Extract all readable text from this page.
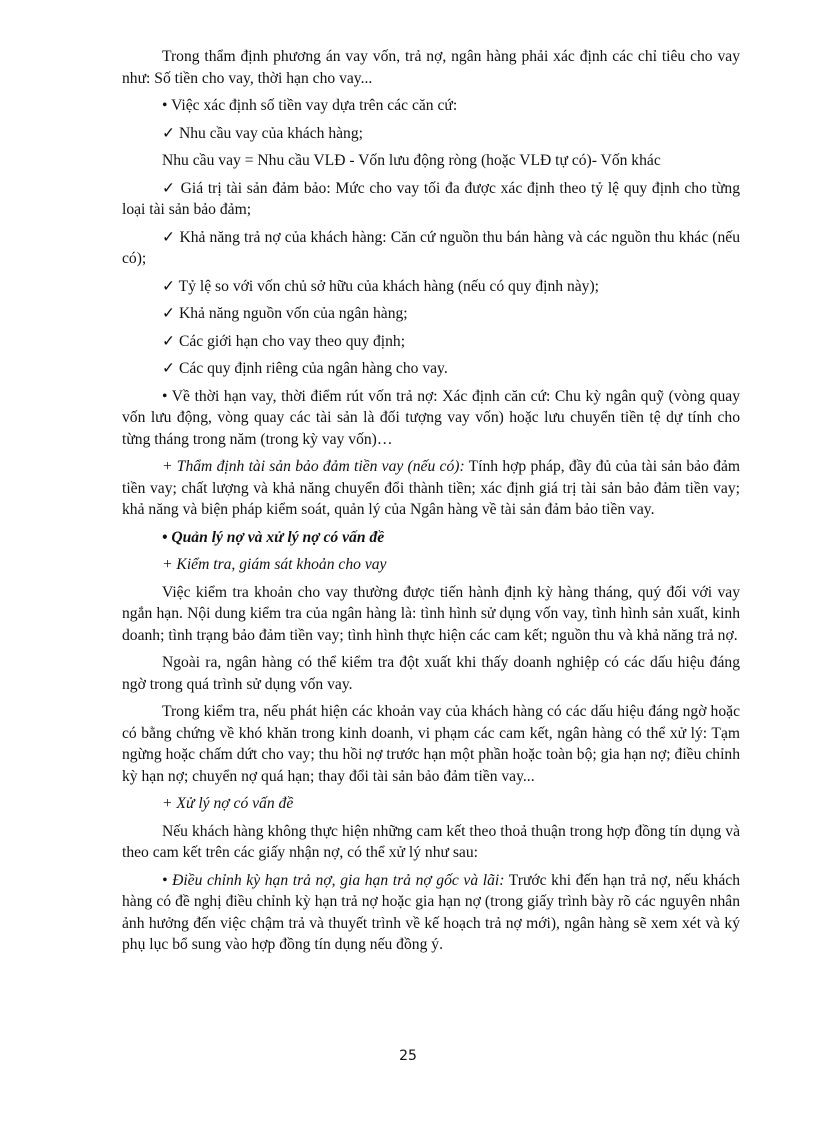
Trong thẩm định phương án vay vốn, trả nợ, ngân hàng phải xác định các chỉ tiêu cho vay như: Số tiền cho vay, thời hạn cho vay...

• Việc xác định số tiền vay dựa trên các căn cứ:

✓ Nhu cầu vay của khách hàng;

Nhu cầu vay = Nhu cầu VLĐ - Vốn lưu động ròng (hoặc VLĐ tự có)- Vốn khác

✓ Giá trị tài sản đảm bảo: Mức cho vay tối đa được xác định theo tỷ lệ quy định cho từng loại tài sản bảo đảm;

✓ Khả năng trả nợ của khách hàng: Căn cứ nguồn thu bán hàng và các nguồn thu khác (nếu có);

✓ Tỷ lệ so với vốn chủ sở hữu của khách hàng (nếu có quy định này);

✓ Khả năng nguồn vốn của ngân hàng;

✓ Các giới hạn cho vay theo quy định;

✓ Các quy định riêng của ngân hàng cho vay.

• Về thời hạn vay, thời điểm rút vốn trả nợ: Xác định căn cứ: Chu kỳ ngân quỹ (vòng quay vốn lưu động, vòng quay các tài sản là đối tượng vay vốn) hoặc lưu chuyển tiền tệ dự tính cho từng tháng trong năm (trong kỳ vay vốn)…

+ Thẩm định tài sản bảo đảm tiền vay (nếu có): Tính hợp pháp, đầy đủ của tài sản bảo đảm tiền vay; chất lượng và khả năng chuyển đổi thành tiền; xác định giá trị tài sản bảo đảm tiền vay; khả năng và biện pháp kiểm soát, quản lý của Ngân hàng về tài sản đảm bảo tiền vay.

• Quản lý nợ và xử lý nợ có vấn đề

+ Kiểm tra, giám sát khoản cho vay

Việc kiểm tra khoản cho vay thường được tiến hành định kỳ hàng tháng, quý đối với vay ngắn hạn. Nội dung kiểm tra của ngân hàng là: tình hình sử dụng vốn vay, tình hình sản xuất, kinh doanh; tình trạng bảo đảm tiền vay; tình hình thực hiện các cam kết; nguồn thu và khả năng trả nợ.

Ngoài ra, ngân hàng có thể kiểm tra đột xuất khi thấy doanh nghiệp có các dấu hiệu đáng ngờ trong quá trình sử dụng vốn vay.

Trong kiểm tra, nếu phát hiện các khoản vay của khách hàng có các dấu hiệu đáng ngờ hoặc có bằng chứng về khó khăn trong kinh doanh, vi phạm các cam kết, ngân hàng có thể xử lý: Tạm ngừng hoặc chấm dứt cho vay; thu hồi nợ trước hạn một phần hoặc toàn bộ; gia hạn nợ; điều chỉnh kỳ hạn nợ; chuyển nợ quá hạn; thay đổi tài sản bảo đảm tiền vay...

+ Xử lý nợ có vấn đề

Nếu khách hàng không thực hiện những cam kết theo thoả thuận trong hợp đồng tín dụng và theo cam kết trên các giấy nhận nợ, có thể xử lý như sau:

• Điều chỉnh kỳ hạn trả nợ, gia hạn trả nợ gốc và lãi: Trước khi đến hạn trả nợ, nếu khách hàng có đề nghị điều chỉnh kỳ hạn trả nợ hoặc gia hạn nợ (trong giấy trình bày rõ các nguyên nhân ảnh hưởng đến việc chậm trả và thuyết trình về kế hoạch trả nợ mới), ngân hàng sẽ xem xét và ký phụ lục bổ sung vào hợp đồng tín dụng nếu đồng ý.

25
